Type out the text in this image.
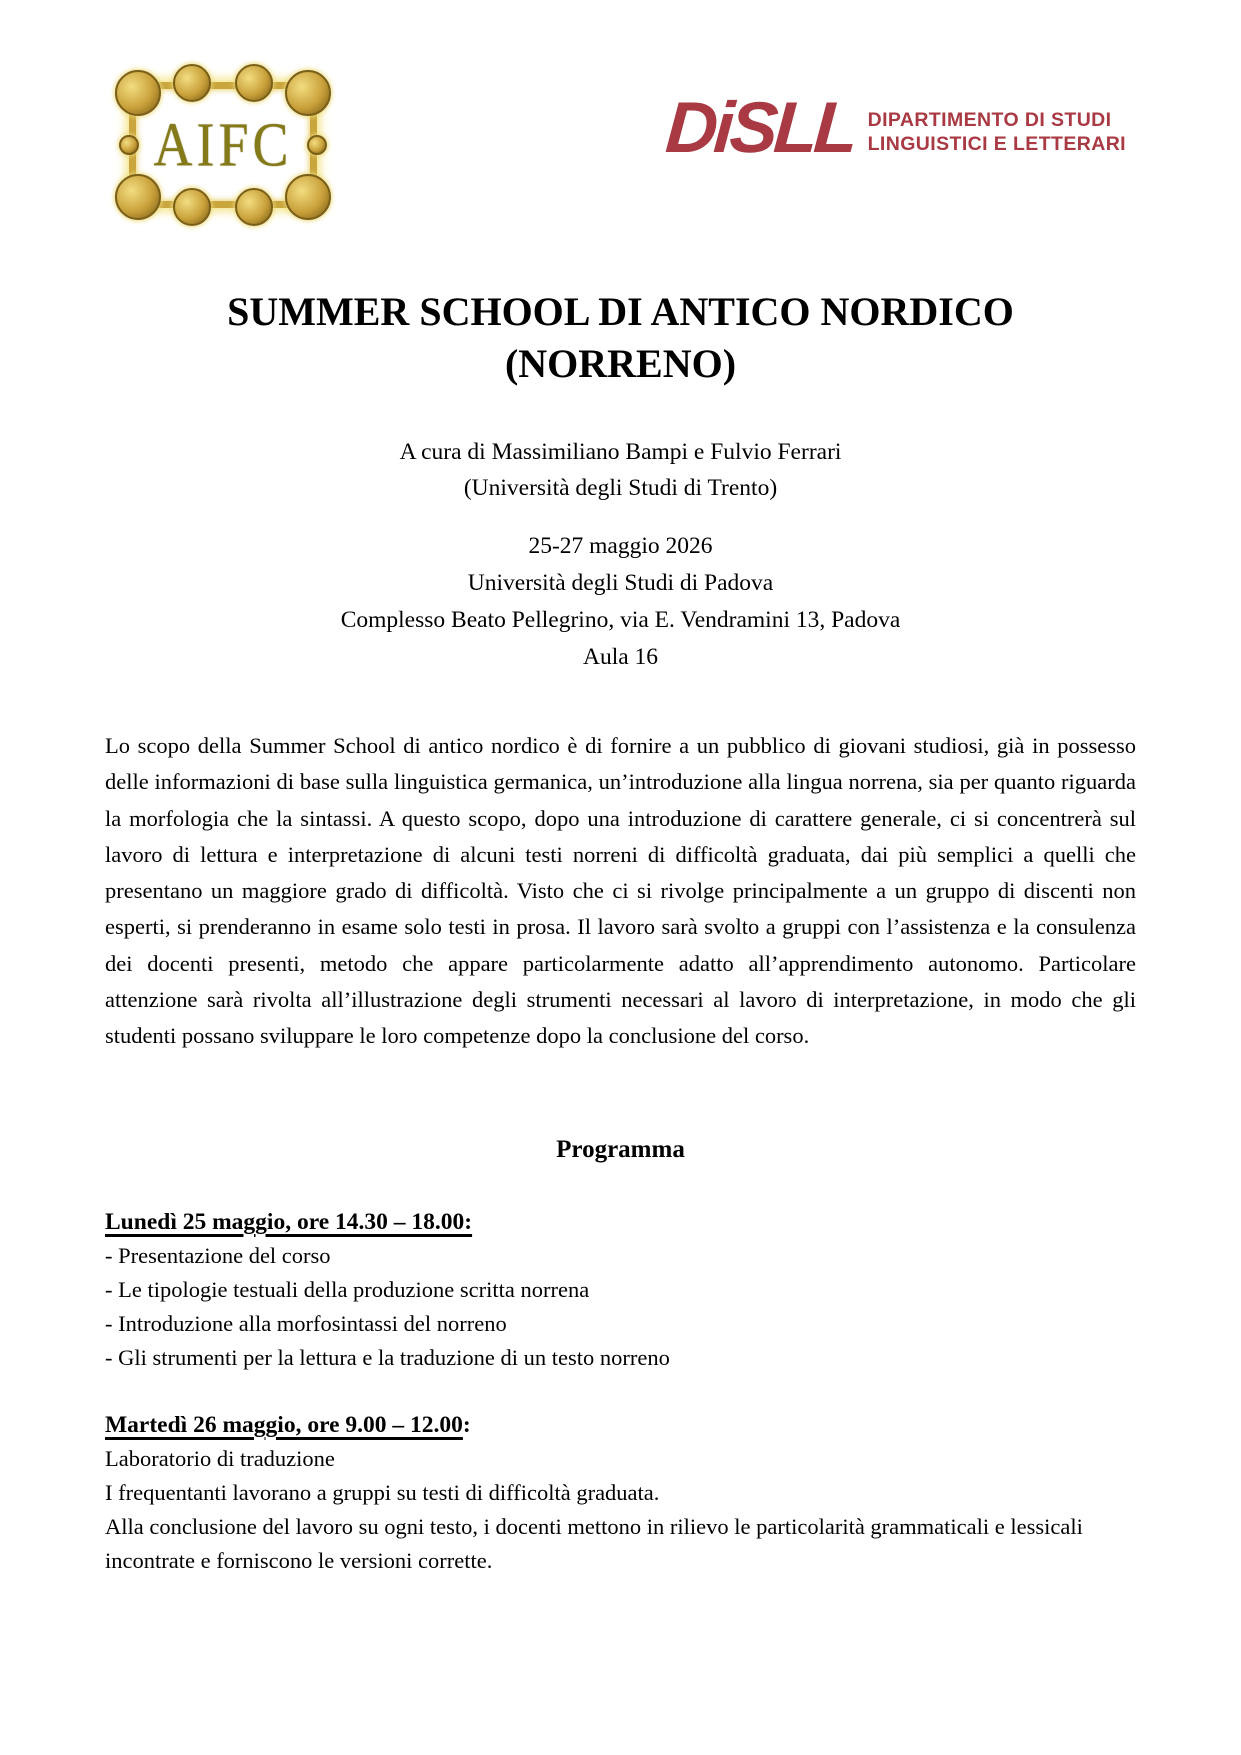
AIFC	DiSLL DIPARTIMENTO DI STUDI
LINGUISTICI E LETTERARI
SUMMER SCHOOL DI ANTICO NORDICO
(NORRENO)
A cura di Massimiliano Bampi e Fulvio Ferrari
(Università degli Studi di Trento)
25-27 maggio 2026
Università degli Studi di Padova
Complesso Beato Pellegrino, via E. Vendramini 13, Padova
Aula 16

Lo scopo della Summer School di antico nordico è di fornire a un pubblico di giovani studiosi, già in possesso delle informazioni di base sulla linguistica germanica, un’introduzione alla lingua norrena, sia per quanto riguarda la morfologia che la sintassi. A questo scopo, dopo una introduzione di carattere generale, ci si concentrerà sul lavoro di lettura e interpretazione di alcuni testi norreni di difficoltà graduata, dai più semplici a quelli che presentano un maggiore grado di difficoltà. Visto che ci si rivolge principalmente a un gruppo di discenti non esperti, si prenderanno in esame solo testi in prosa. Il lavoro sarà svolto a gruppi con l’assistenza e la consulenza dei docenti presenti, metodo che appare particolarmente adatto all’apprendimento autonomo. Particolare attenzione sarà rivolta all’illustrazione degli strumenti necessari al lavoro di interpretazione, in modo che gli studenti possano sviluppare le loro competenze dopo la conclusione del corso.

Programma
Lunedì 25 maggio, ore 14.30 – 18.00:
- Presentazione del corso
- Le tipologie testuali della produzione scritta norrena
- Introduzione alla morfosintassi del norreno
- Gli strumenti per la lettura e la traduzione di un testo norreno
Martedì 26 maggio, ore 9.00 – 12.00:
Laboratorio di traduzione
I frequentanti lavorano a gruppi su testi di difficoltà graduata.
Alla conclusione del lavoro su ogni testo, i docenti mettono in rilievo le particolarità grammaticali e lessicali incontrate e forniscono le versioni corrette.
